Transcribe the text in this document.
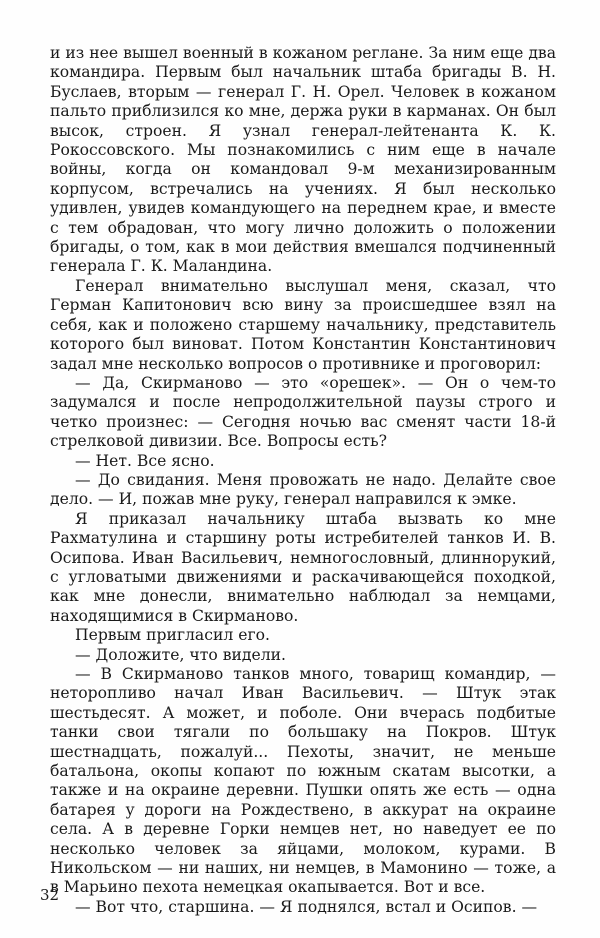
и из нее вышел военный в кожаном реглане. За ним еще два командира. Первым был начальник штаба бригады В. Н. Буслаев, вторым — генерал Г. Н. Орел. Человек в кожаном пальто приблизился ко мне, держа руки в карманах. Он был высок, строен. Я узнал генерал-лейтенанта К. К. Рокоссовского. Мы познакомились с ним еще в начале войны, когда он командовал 9-м механизированным корпусом, встречались на учениях. Я был несколько удивлен, увидев командующего на переднем крае, и вместе с тем обрадован, что могу лично доложить о положении бригады, о том, как в мои действия вмешался подчиненный генерала Г. К. Маландина.

Генерал внимательно выслушал меня, сказал, что Герман Капитонович всю вину за происшедшее взял на себя, как и положено старшему начальнику, представитель которого был виноват. Потом Константин Константинович задал мне несколько вопросов о противнике и проговорил:

— Да, Скирманово — это «орешек». — Он о чем-то задумался и после непродолжительной паузы строго и четко произнес: — Сегодня ночью вас сменят части 18-й стрелковой дивизии. Все. Вопросы есть?

— Нет. Все ясно.

— До свидания. Меня провожать не надо. Делайте свое дело. — И, пожав мне руку, генерал направился к эмке.

Я приказал начальнику штаба вызвать ко мне Рахматулина и старшину роты истребителей танков И. В. Осипова. Иван Васильевич, немногословный, длиннорукий, с угловатыми движениями и раскачивающейся походкой, как мне донесли, внимательно наблюдал за немцами, находящимися в Скирманово.

Первым пригласил его.

— Доложите, что видели.

— В Скирманово танков много, товарищ командир, — неторопливо начал Иван Васильевич. — Штук этак шестьдесят. А может, и поболе. Они вчерась подбитые танки свои тягали по большаку на Покров. Штук шестнадцать, пожалуй... Пехоты, значит, не меньше батальона, окопы копают по южным скатам высотки, а также и на окраине деревни. Пушки опять же есть — одна батарея у дороги на Рождествено, в аккурат на окраине села. А в деревне Горки немцев нет, но наведует ее по несколько человек за яйцами, молоком, курами. В Никольском — ни наших, ни немцев, в Мамонино — тоже, а в Марьино пехота немецкая окапывается. Вот и все.

— Вот что, старшина. — Я поднялся, встал и Осипов. —

32
